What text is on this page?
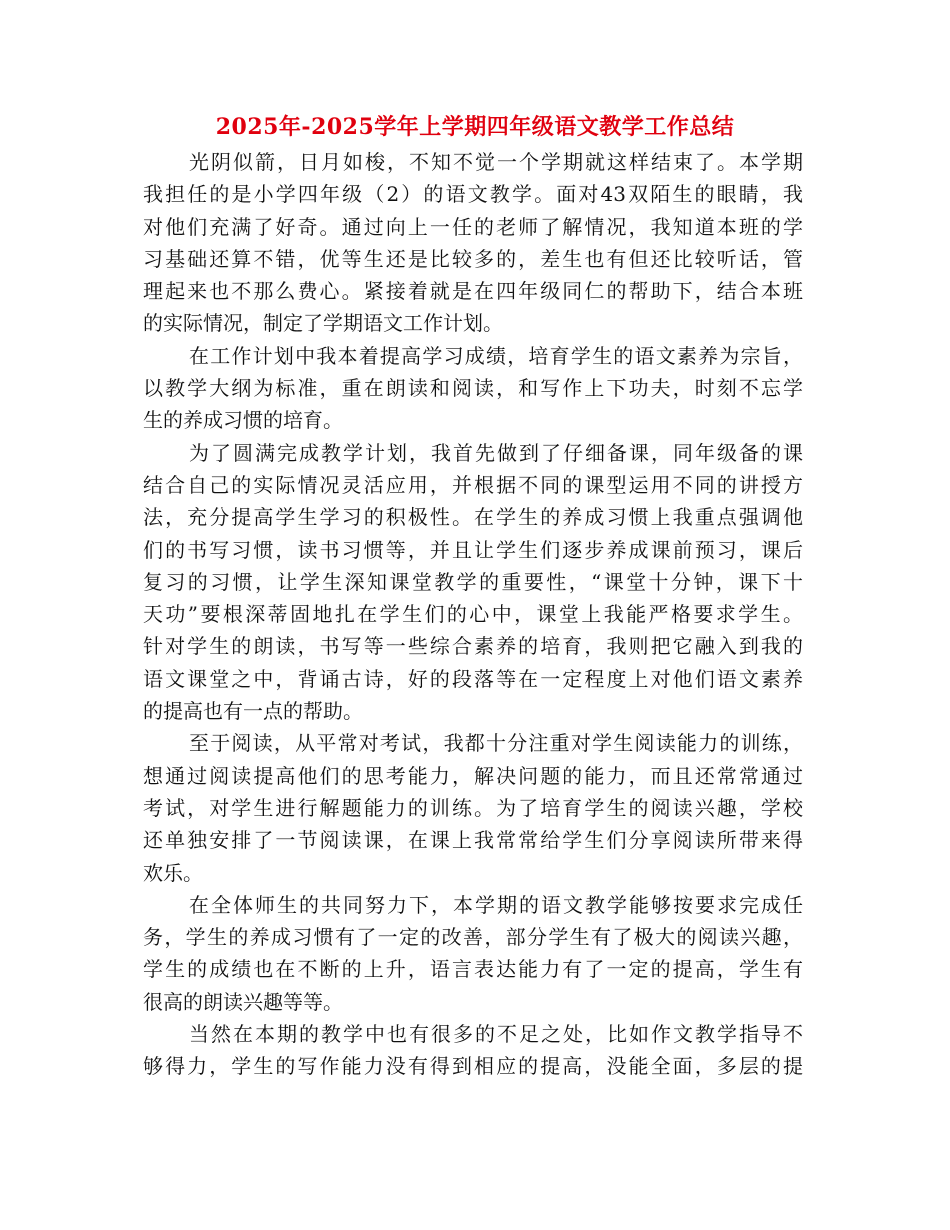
2025年-2025学年上学期四年级语文教学工作总结
光阴似箭，日月如梭，不知不觉一个学期就这样结束了。本学期
我担任的是小学四年级（2）的语文教学。面对43双陌生的眼睛，我
对他们充满了好奇。通过向上一任的老师了解情况，我知道本班的学
习基础还算不错，优等生还是比较多的，差生也有但还比较听话，管
理起来也不那么费心。紧接着就是在四年级同仁的帮助下，结合本班
的实际情况，制定了学期语文工作计划。
在工作计划中我本着提高学习成绩，培育学生的语文素养为宗旨，
以教学大纲为标准，重在朗读和阅读，和写作上下功夫，时刻不忘学
生的养成习惯的培育。
为了圆满完成教学计划，我首先做到了仔细备课，同年级备的课
结合自己的实际情况灵活应用，并根据不同的课型运用不同的讲授方
法，充分提高学生学习的积极性。在学生的养成习惯上我重点强调他
们的书写习惯，读书习惯等，并且让学生们逐步养成课前预习，课后
复习的习惯，让学生深知课堂教学的重要性，“课堂十分钟，课下十
天功”要根深蒂固地扎在学生们的心中，课堂上我能严格要求学生。
针对学生的朗读，书写等一些综合素养的培育，我则把它融入到我的
语文课堂之中，背诵古诗，好的段落等在一定程度上对他们语文素养
的提高也有一点的帮助。
至于阅读，从平常对考试，我都十分注重对学生阅读能力的训练，
想通过阅读提高他们的思考能力，解决问题的能力，而且还常常通过
考试，对学生进行解题能力的训练。为了培育学生的阅读兴趣，学校
还单独安排了一节阅读课，在课上我常常给学生们分享阅读所带来得
欢乐。
在全体师生的共同努力下，本学期的语文教学能够按要求完成任
务，学生的养成习惯有了一定的改善，部分学生有了极大的阅读兴趣，
学生的成绩也在不断的上升，语言表达能力有了一定的提高，学生有
很高的朗读兴趣等等。
当然在本期的教学中也有很多的不足之处，比如作文教学指导不
够得力，学生的写作能力没有得到相应的提高，没能全面，多层的提
